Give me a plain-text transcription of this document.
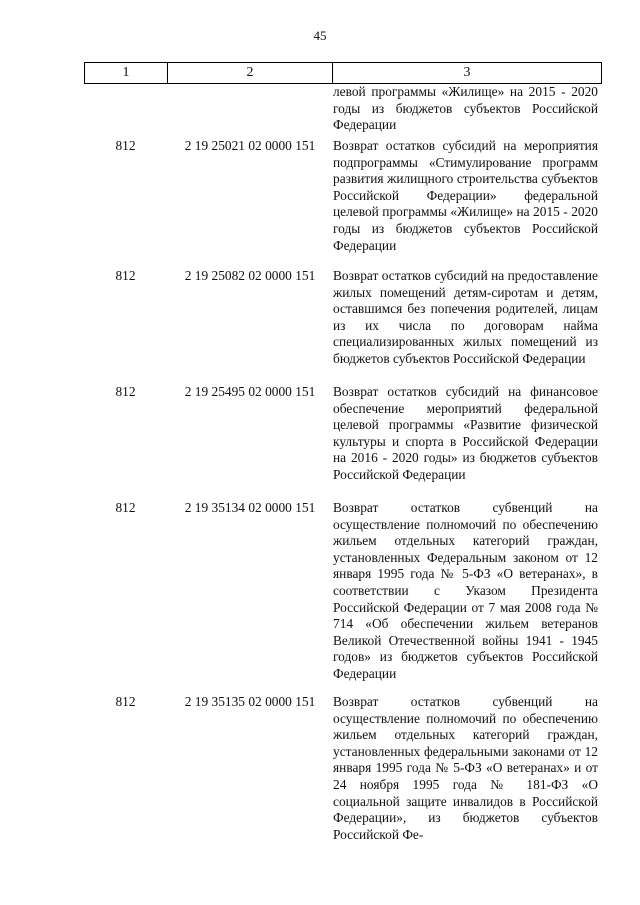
45
1	2	3
левой программы «Жилище» на 2015 - 2020 годы из бюджетов субъектов Российской Федерации
812	2 19 25021 02 0000 151	Возврат остатков субсидий на мероприятия подпрограммы «Стимулирование программ развития жилищного строительства субъектов Российской Федерации» федеральной целевой программы «Жилище» на 2015 - 2020 годы из бюджетов субъектов Российской Федерации
812	2 19 25082 02 0000 151	Возврат остатков субсидий на предоставление жилых помещений детям-сиротам и детям, оставшимся без попечения родителей, лицам из их числа по договорам найма специализированных жилых помещений из бюджетов субъектов Российской Федерации
812	2 19 25495 02 0000 151	Возврат остатков субсидий на финансовое обеспечение мероприятий федеральной целевой программы «Развитие физической культуры и спорта в Российской Федерации на 2016 - 2020 годы» из бюджетов субъектов Российской Федерации
812	2 19 35134 02 0000 151	Возврат остатков субвенций на осуществление полномочий по обеспечению жильем отдельных категорий граждан, установленных Федеральным законом от 12 января 1995 года № 5-ФЗ «О ветеранах», в соответствии с Указом Президента Российской Федерации от 7 мая 2008 года № 714 «Об обеспечении жильем ветеранов Великой Отечественной войны 1941 - 1945 годов» из бюджетов субъектов Российской Федерации
812	2 19 35135 02 0000 151	Возврат остатков субвенций на осуществление полномочий по обеспечению жильем отдельных категорий граждан, установленных федеральными законами от 12 января 1995 года № 5-ФЗ «О ветеранах» и от 24 ноября 1995 года № 181-ФЗ «О социальной защите инвалидов в Российской Федерации», из бюджетов субъектов Российской Фе-
